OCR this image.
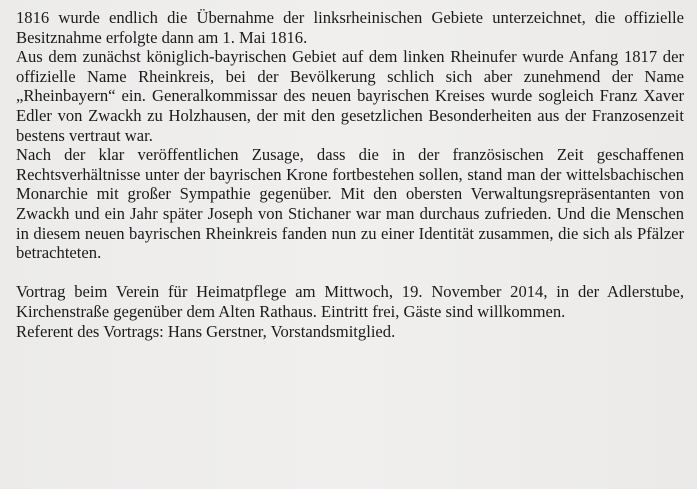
1816 wurde endlich die Übernahme der linksrheinischen Gebiete unterzeichnet, die offizielle Besitznahme erfolgte dann am 1. Mai 1816.

Aus dem zunächst königlich-bayrischen Gebiet auf dem linken Rheinufer wurde Anfang 1817 der offizielle Name Rheinkreis, bei der Bevölkerung schlich sich aber zunehmend der Name „Rheinbayern“ ein. Generalkommissar des neuen bayrischen Kreises wurde sogleich Franz Xaver Edler von Zwackh zu Holzhausen, der mit den gesetzlichen Besonderheiten aus der Franzosenzeit bestens vertraut war.

Nach der klar veröffentlichen Zusage, dass die in der französischen Zeit geschaffenen Rechtsverhältnisse unter der bayrischen Krone fortbestehen sollen, stand man der wittelsbachischen Monarchie mit großer Sympathie gegenüber. Mit den obersten Verwaltungsrepräsentanten von Zwackh und ein Jahr später Joseph von Stichaner war man durchaus zufrieden. Und die Menschen in diesem neuen bayrischen Rheinkreis fanden nun zu einer Identität zusammen, die sich als Pfälzer betrachteten.

Vortrag beim Verein für Heimatpflege am Mittwoch, 19. November 2014, in der Adlerstube, Kirchenstraße gegenüber dem Alten Rathaus. Eintritt frei, Gäste sind willkommen.

Referent des Vortrags: Hans Gerstner, Vorstandsmitglied.
